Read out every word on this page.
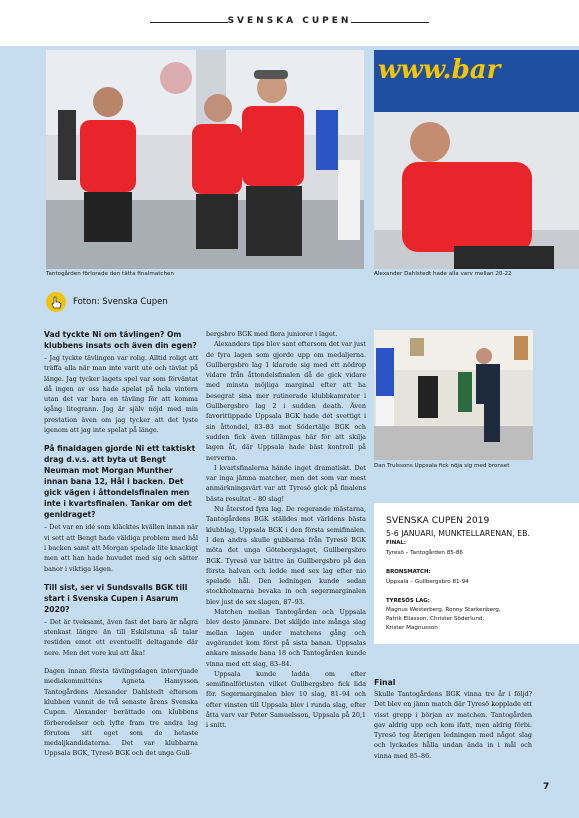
SVENSKA CUPEN
Tantogården förlorade den tätta finalmatchen
www.bar
Alexander Dahlstedt hade alla varv mellan 20-22
Foton: Svenska Cupen

Vad tyckte Ni om tävlingen? Om klubbens insats och även din egen?

– Jag tyckte tävlingen var rolig. Alltid roligt att träffa alla när man inte varit ute och tävlat på länge. Jag tycker lagets spel var som förväntat då ingen av oss hade spelat på hela vintern utan det var bara en tävling för att komma igång litegrann. Jag är själv nöjd med min prestation även om jag tycker att det lyste igenom att jag inte spelat på länge.

På finaldagen gjorde Ni ett taktiskt drag d.v.s. att byta ut Bengt Neuman mot Morgan Munther innan bana 12, Hål i backen. Det gick vägen i åttondelsfinalen men inte i kvartsfinalen. Tankar om det genidraget?

– Det var en idé som kläcktes kvällen innan när vi sett att Bengt hade väldiga problem med hål i backen samt att Morgan spelade lite knackigt men att han hade huvudet med sig och sätter banor i viktiga lägen.

Till sist, ser vi Sundsvalls BGK till start i Svenska Cupen i Asarum 2020?

– Det är tveksamt, även fast det bara är några stenkast längre än till Eskilstuna så talar restiden emot ett eventuellt deltagande där nere. Men det vore kul att åka!

Dagen innan första tävlingsdagen intervjuade mediakommitténs Agneta Hamysson Tantogårdens Alexander Dahlstedt eftersom klubben vunnit de två senaste årens Svenska Cupen. Alexander berättade om klubbens förberedelser och lyfte fram tre andra lag förutom sitt eget som de hetaste medaljkandidaterna. Det var klubbarna Uppsala BGK, Tyresö BGK och det unga Gull-

bergsbro BGK med flera juniorer i laget.

Alexanders tips blev sant eftersom det var just de fyra lagen som gjorde upp om medaljerna. Gullbergsbro lag 1 klarade sig med ett nödrop vidare från åttondelsfinalen då de gick vidare med minsta möjliga marginal efter att ha besegrat sina mer rutinerade klubbkamrater i Gullbergsbro lag 2 i sudden death. Även favorittippade Uppsala BGK hade det svettigt i sin åttondel, 83–83 mot Södertälje BGK och sudden fick även tillämpas här för att skilja lagen åt, där Uppsala hade bäst kontroll på nerverna.

I kvartsfinalerna hände inget dramatiskt. Det var inga jämna matcher, men det som var mest anmärkningsvärt var att Tyresö gick på finalens bästa resultat – 80 slag!

Nu återstod fyra lag. De regerande mästarna, Tantogårdens BGK ställdes mot världens bästa klubblag, Uppsala BGK i den första semifinalen. I den andra skulle gubbarna från Tyresö BGK möta det unga Göteborgslaget, Gullbergsbro BGK. Tyresö var bättre än Gullbergsbro på den första halvan och ledde med sex lag efter nio spelade hål. Den ledningen kunde sedan stockholmarna bevaka in och segermarginalen blev just de sex slagen, 87–93.

Matchen mellan Tantogården och Uppsala blev desto jämnare. Det skiljde inte många slag mellan lagen under matchens gång och avgörandet kom först på sista banan. Uppsalas ankare missade bana 18 och Tantogården kunde vinna med ett slag, 83–84.

Uppsala kunde ladda om efter semifinalförlusten vilket Gullbergsbro fick lida för. Segermarginalen blev 10 slag, 81–94 och efter vinsten till Uppsala blev i runda slag, efter åtta varv var Peter Samuelsson, Uppsala på 20,1 i snitt.

Dan Trulssons Uppsala fick nöja sig med bronset
SVENSKA CUPEN 2019
5-6 JANUARI, MUNKTELLARENAN, EB.
FINAL:
Tyresö – Tantogården 85-86
BRONSMATCH:
Uppsala – Gullbergsbro 81-94
TYRESÖS LAG:
Magnus Westerberg, Ronny Starkenberg,
Patrik Eliasson, Christer Söderlund,
Krister Magnusson
Final

Skulle Tantogårdens BGK vinna tre år i följd? Det blev en jämn match där Tyresö kopplade ett visst grepp i början av matchen. Tantogården gav aldrig upp och kom ifatt, men aldrig förbi. Tyresö tog återigen ledningen med något slag och lyckades hålla undan ända in i mål och vinna med 85–86.

7
